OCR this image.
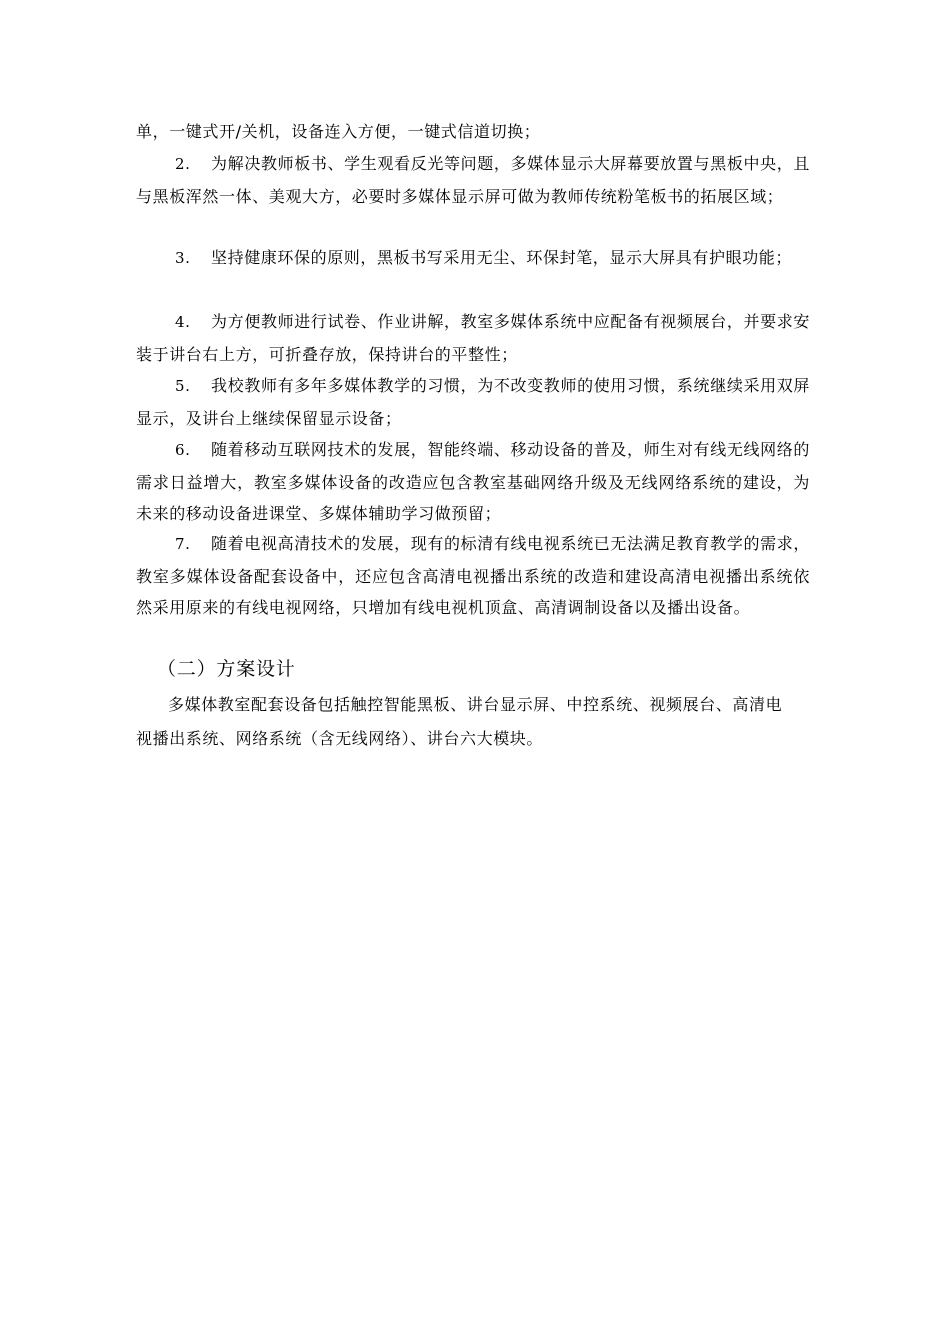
单，一键式开/关机，设备连入方便，一键式信道切换；

2. 为解决教师板书、学生观看反光等问题，多媒体显示大屏幕要放置与黑板中央，且与黑板浑然一体、美观大方，必要时多媒体显示屏可做为教师传统粉笔板书的拓展区域；

3. 坚持健康环保的原则，黑板书写采用无尘、环保封笔，显示大屏具有护眼功能；

4. 为方便教师进行试卷、作业讲解，教室多媒体系统中应配备有视频展台，并要求安装于讲台右上方，可折叠存放，保持讲台的平整性；

5. 我校教师有多年多媒体教学的习惯，为不改变教师的使用习惯，系统继续采用双屏显示，及讲台上继续保留显示设备；

6. 随着移动互联网技术的发展，智能终端、移动设备的普及，师生对有线无线网络的需求日益增大，教室多媒体设备的改造应包含教室基础网络升级及无线网络系统的建设，为未来的移动设备进课堂、多媒体辅助学习做预留；

7. 随着电视高清技术的发展，现有的标清有线电视系统已无法满足教育教学的需求，教室多媒体设备配套设备中，还应包含高清电视播出系统的改造和建设高清电视播出系统依然采用原来的有线电视网络，只增加有线电视机顶盒、高清调制设备以及播出设备。

（二）方案设计

多媒体教室配套设备包括触控智能黑板、讲台显示屏、中控系统、视频展台、高清电视播出系统、网络系统（含无线网络）、讲台六大模块。
